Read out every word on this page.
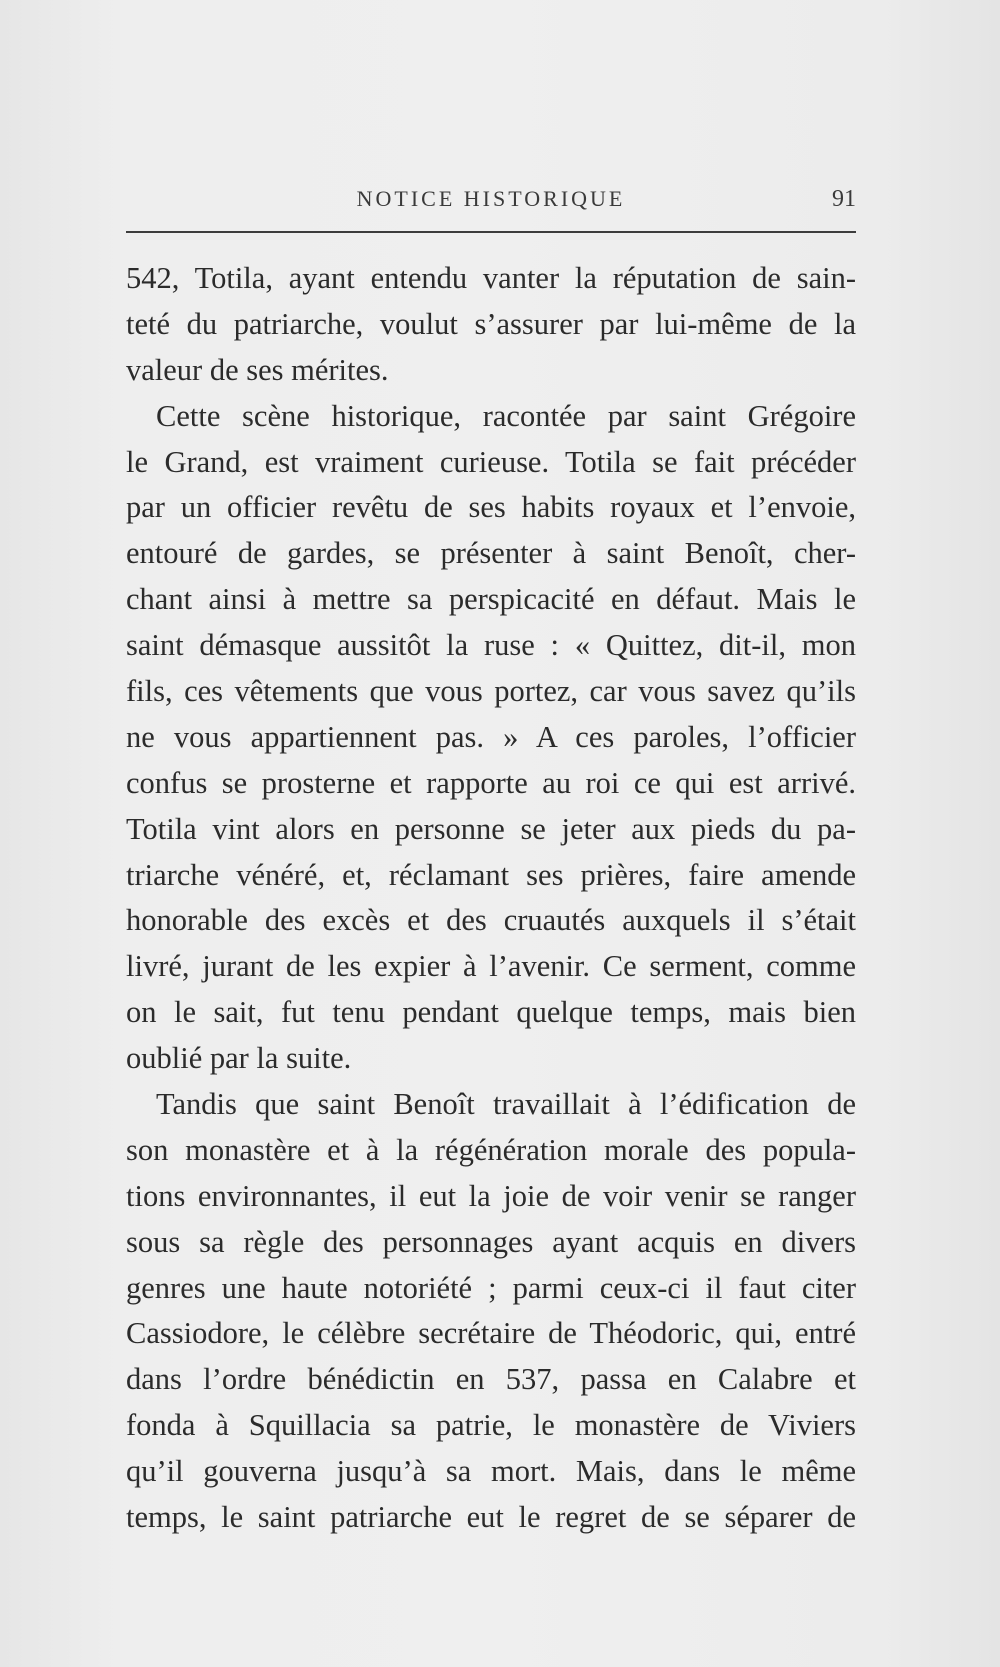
NOTICE HISTORIQUE	91
542, Totila, ayant entendu vanter la réputation de sain-
teté du patriarche, voulut s’assurer par lui-même de la
valeur de ses mérites.
Cette scène historique, racontée par saint Grégoire
le Grand, est vraiment curieuse. Totila se fait précéder
par un officier revêtu de ses habits royaux et l’envoie,
entouré de gardes, se présenter à saint Benoît, cher-
chant ainsi à mettre sa perspicacité en défaut. Mais le
saint démasque aussitôt la ruse : « Quittez, dit-il, mon
fils, ces vêtements que vous portez, car vous savez qu’ils
ne vous appartiennent pas. » A ces paroles, l’officier
confus se prosterne et rapporte au roi ce qui est arrivé.
Totila vint alors en personne se jeter aux pieds du pa-
triarche vénéré, et, réclamant ses prières, faire amende
honorable des excès et des cruautés auxquels il s’était
livré, jurant de les expier à l’avenir. Ce serment, comme
on le sait, fut tenu pendant quelque temps, mais bien
oublié par la suite.
Tandis que saint Benoît travaillait à l’édification de
son monastère et à la régénération morale des popula-
tions environnantes, il eut la joie de voir venir se ranger
sous sa règle des personnages ayant acquis en divers
genres une haute notoriété ; parmi ceux-ci il faut citer
Cassiodore, le célèbre secrétaire de Théodoric, qui, entré
dans l’ordre bénédictin en 537, passa en Calabre et
fonda à Squillacia sa patrie, le monastère de Viviers
qu’il gouverna jusqu’à sa mort. Mais, dans le même
temps, le saint patriarche eut le regret de se séparer de
